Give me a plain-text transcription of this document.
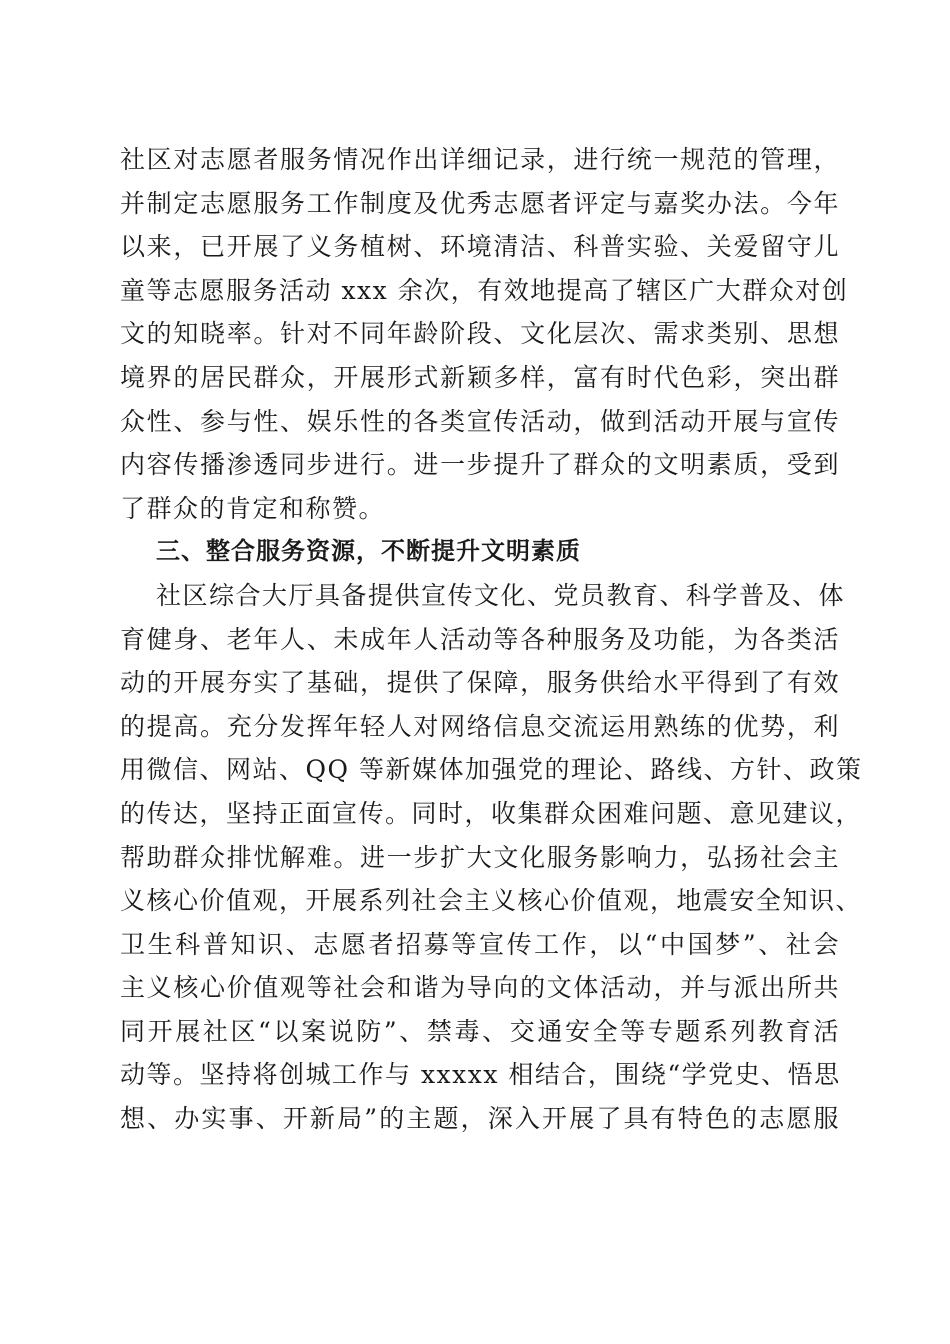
社区对志愿者服务情况作出详细记录，进行统一规范的管理，
并制定志愿服务工作制度及优秀志愿者评定与嘉奖办法。今年
以来，已开展了义务植树、环境清洁、科普实验、关爱留守儿
童等志愿服务活动 xxx 余次，有效地提高了辖区广大群众对创
文的知晓率。针对不同年龄阶段、文化层次、需求类别、思想
境界的居民群众，开展形式新颖多样，富有时代色彩，突出群
众性、参与性、娱乐性的各类宣传活动，做到活动开展与宣传
内容传播渗透同步进行。进一步提升了群众的文明素质，受到
了群众的肯定和称赞。
三、整合服务资源，不断提升文明素质
社区综合大厅具备提供宣传文化、党员教育、科学普及、体
育健身、老年人、未成年人活动等各种服务及功能，为各类活
动的开展夯实了基础，提供了保障，服务供给水平得到了有效
的提高。充分发挥年轻人对网络信息交流运用熟练的优势，利
用微信、网站、QQ 等新媒体加强党的理论、路线、方针、政策
的传达，坚持正面宣传。同时，收集群众困难问题、意见建议，
帮助群众排忧解难。进一步扩大文化服务影响力，弘扬社会主
义核心价值观，开展系列社会主义核心价值观，地震安全知识、
卫生科普知识、志愿者招募等宣传工作，以“中国梦”、社会
主义核心价值观等社会和谐为导向的文体活动，并与派出所共
同开展社区“以案说防”、禁毒、交通安全等专题系列教育活
动等。坚持将创城工作与 xxxxx 相结合，围绕“学党史、悟思
想、办实事、开新局”的主题，深入开展了具有特色的志愿服
